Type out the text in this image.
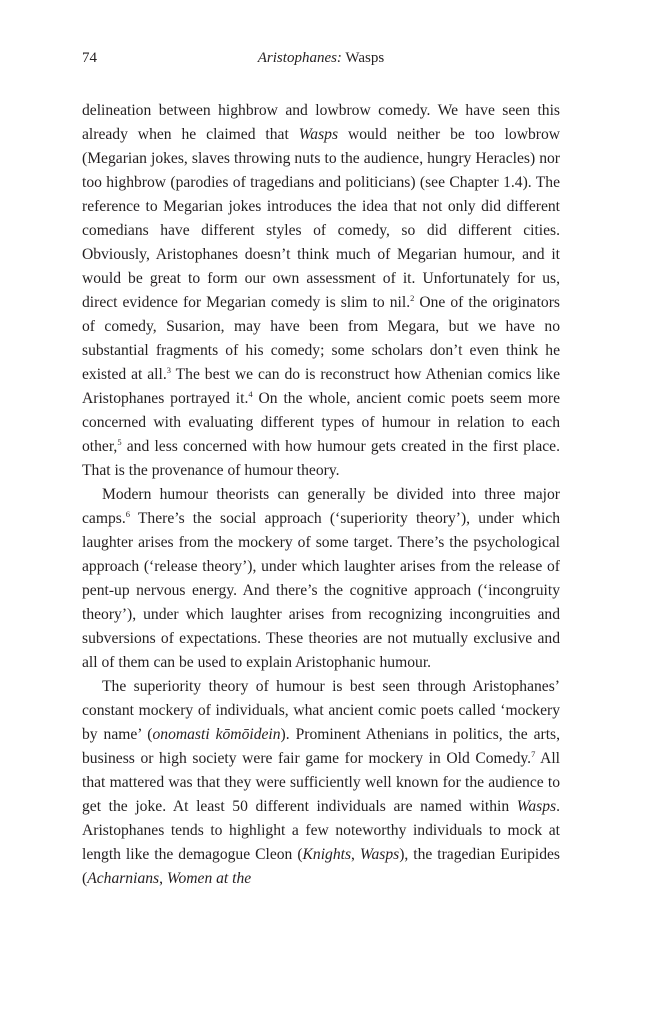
74	Aristophanes: Wasps

delineation between highbrow and lowbrow comedy. We have seen this already when he claimed that Wasps would neither be too lowbrow (Megarian jokes, slaves throwing nuts to the audience, hungry Heracles) nor too highbrow (parodies of tragedians and politicians) (see Chapter 1.4). The reference to Megarian jokes introduces the idea that not only did different comedians have different styles of comedy, so did different cities. Obviously, Aristophanes doesn’t think much of Megarian humour, and it would be great to form our own assessment of it. Unfortunately for us, direct evidence for Megarian comedy is slim to nil.$^2$ One of the originators of comedy, Susarion, may have been from Megara, but we have no substantial fragments of his comedy; some scholars don’t even think he existed at all.$^3$ The best we can do is reconstruct how Athenian comics like Aristophanes portrayed it.$^4$ On the whole, ancient comic poets seem more concerned with evaluating different types of humour in relation to each other,$^5$ and less concerned with how humour gets created in the first place. That is the provenance of humour theory.

Modern humour theorists can generally be divided into three major camps.$^6$ There’s the social approach (‘superiority theory’), under which laughter arises from the mockery of some target. There’s the psychological approach (‘release theory’), under which laughter arises from the release of pent-up nervous energy. And there’s the cognitive approach (‘incongruity theory’), under which laughter arises from recognizing incongruities and subversions of expectations. These theories are not mutually exclusive and all of them can be used to explain Aristophanic humour.

The superiority theory of humour is best seen through Aristophanes’ constant mockery of individuals, what ancient comic poets called ‘mockery by name’ (onomasti kōmōidein). Prominent Athenians in politics, the arts, business or high society were fair game for mockery in Old Comedy.$^7$ All that mattered was that they were sufficiently well known for the audience to get the joke. At least 50 different individuals are named within Wasps. Aristophanes tends to highlight a few noteworthy individuals to mock at length like the demagogue Cleon (Knights, Wasps), the tragedian Euripides (Acharnians, Women at the
